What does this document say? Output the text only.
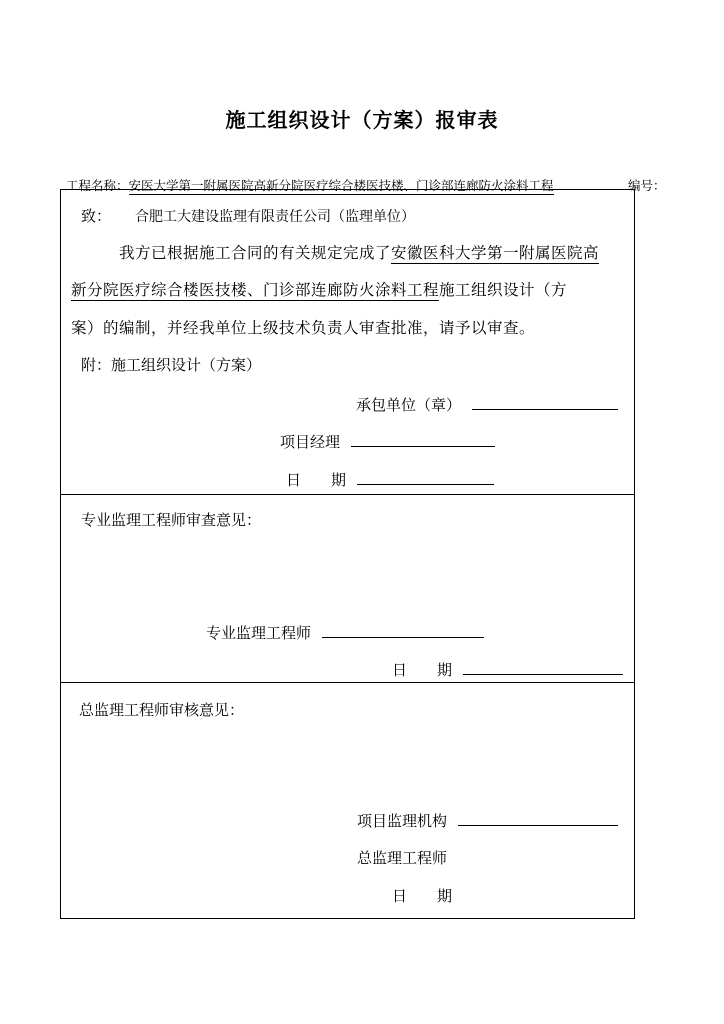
施工组织设计（方案）报审表
工程名称：安医大学第一附属医院高新分院医疗综合楼医技楼、门诊部连廊防火涂料工程	编号：
致： 合肥工大建设监理有限责任公司（监理单位）
我方已根据施工合同的有关规定完成了安徽医科大学第一附属医院高
新分院医疗综合楼医技楼、门诊部连廊防火涂料工程施工组织设计（方
案）的编制，并经我单位上级技术负责人审查批准，请予以审查。
附：施工组织设计（方案）
承包单位（章）
项目经理
日　　期
专业监理工程师审查意见：
专业监理工程师
日　　期
总监理工程师审核意见：
项目监理机构
总监理工程师
日　　期
